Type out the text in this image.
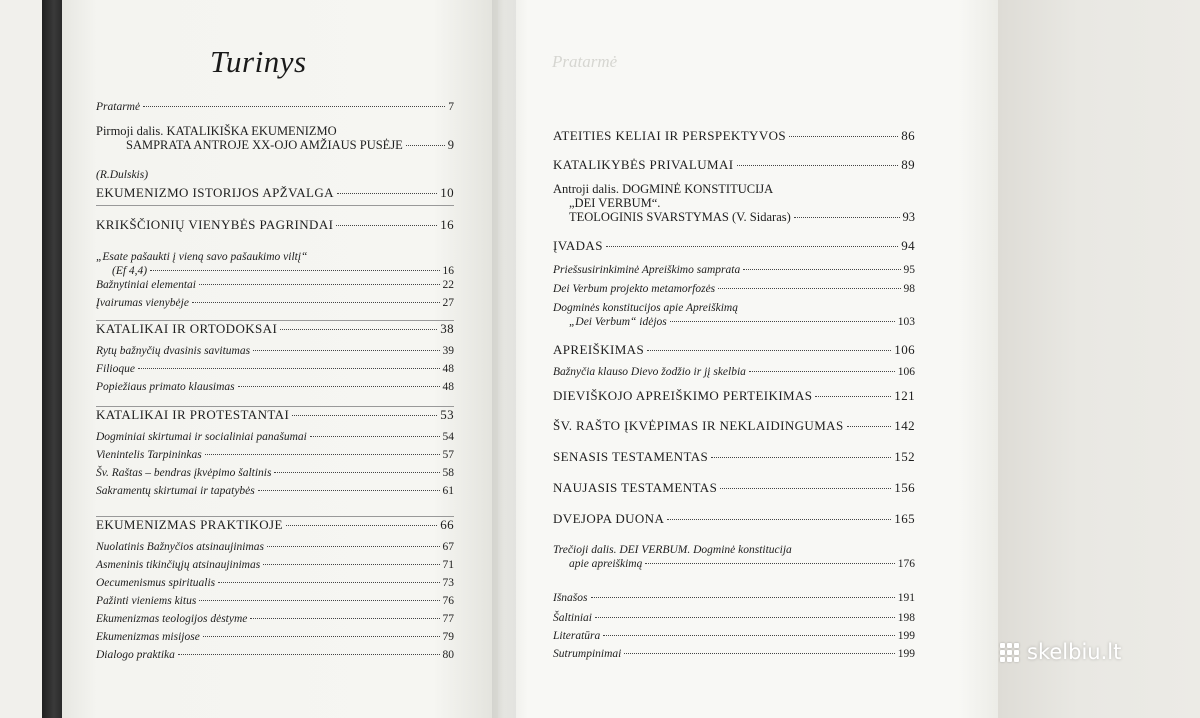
Turinys	Pratarmė
Pratarmė	7
Pirmoji dalis. KATALIKIŠKA EKUMENIZMO
SAMPRATA ANTROJE XX-OJO AMŽIAUS PUSĖJE	9
(R.Dulskis)
EKUMENIZMO ISTORIJOS APŽVALGA	10
KRIKŠČIONIŲ VIENYBĖS PAGRINDAI	16
„Esate pašaukti į vieną savo pašaukimo viltį“
(Ef 4,4)	16
Bažnytiniai elementai	22
Įvairumas vienybėje	27
KATALIKAI IR ORTODOKSAI	38
Rytų bažnyčių dvasinis savitumas	39
Filioque	48
Popiežiaus primato klausimas	48
KATALIKAI IR PROTESTANTAI	53
Dogminiai skirtumai ir socialiniai panašumai	54
Vienintelis Tarpininkas	57
Šv. Raštas – bendras įkvėpimo šaltinis	58
Sakramentų skirtumai ir tapatybės	61
EKUMENIZMAS PRAKTIKOJE	66
Nuolatinis Bažnyčios atsinaujinimas	67
Asmeninis tikinčiųjų atsinaujinimas	71
Oecumenismus spiritualis	73
Pažinti vieniems kitus	76
Ekumenizmas teologijos dėstyme	77
Ekumenizmas misijose	79
Dialogo praktika	80
ATEITIES KELIAI IR PERSPEKTYVOS	86
KATALIKYBĖS PRIVALUMAI	89
Antroji dalis. DOGMINĖ KONSTITUCIJA
„DEI VERBUM“.
TEOLOGINIS SVARSTYMAS (V. Sidaras)	93
ĮVADAS	94
Priešsusirinkiminė Apreiškimo samprata	95
Dei Verbum projekto metamorfozės	98
Dogminės konstitucijos apie Apreiškimą
„Dei Verbum“ idėjos	103
APREIŠKIMAS	106
Bažnyčia klauso Dievo žodžio ir jį skelbia	106
DIEVIŠKOJO APREIŠKIMO PERTEIKIMAS	121
ŠV. RAŠTO ĮKVĖPIMAS IR NEKLAIDINGUMAS	142
SENASIS TESTAMENTAS	152
NAUJASIS TESTAMENTAS	156
DVEJOPA DUONA	165
Trečioji dalis. DEI VERBUM. Dogminė konstitucija
apie apreiškimą	176
Išnašos	191
Šaltiniai	198
Literatūra	199
Sutrumpinimai	199	skelbiu.lt
